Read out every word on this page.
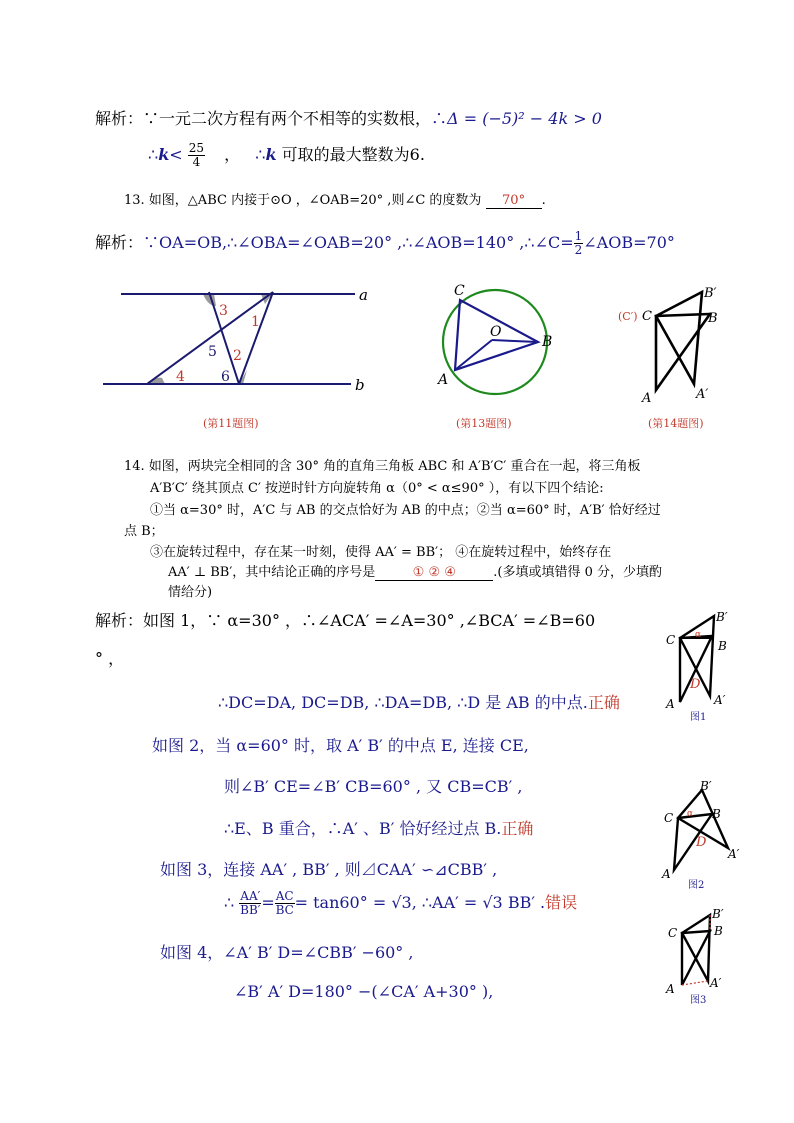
解析：∵一元二次方程有两个不相等的实数根，∴Δ = (−5)² − 4k > 0
∴k< $\frac{25}{4}$ ， ∴k 可取的最大整数为6.
13. 如图，△ABC 内接于⊙O ，∠OAB=20° ,则∠C 的度数为 70° .
解析：∵OA=OB,∴∠OBA=∠OAB=20° ,∴∠AOB=140° ,∴∠C= $\frac{1}{2}$ ∠AOB=70°
a
b
1
2
3
4
5
6
(第11题图)
C
A
B
O
(第13题图)
(C′) C
B′
B
A	A′
(第14题图)
14. 如图，两块完全相同的含 30° 角的直角三角板 ABC 和 A′B′C′ 重合在一起，将三角板
A′B′C′ 绕其顶点 C′ 按逆时针方向旋转角 α（0° < α≤90° ），有以下四个结论:
①当 α=30° 时，A′C 与 AB 的交点恰好为 AB 的中点；②当 α=60° 时，A′B′ 恰好经过
点 B；
③在旋转过程中，存在某一时刻，使得 AA′ = BB′； ④在旋转过程中，始终存在
AA′ ⊥ BB′，其中结论正确的序号是	① ② ④	.(多填或填错得 0 分，少填酌
情给分)
解析：如图 1，∵ α=30° ，∴∠ACA′ =∠A=30° ,∠BCA′ =∠B=60
° ，
∴DC=DA, DC=DB, ∴DA=DB, ∴D 是 AB 的中点.正确
如图 2，当 α=60° 时，取 A′ B′ 的中点 E, 连接 CE,
则∠B′ CE=∠B′ CB=60° , 又 CB=CB′ ,
∴E、B 重合，∴A′ 、B′ 恰好经过点 B.正确
如图 3，连接 AA′ , BB′ , 则⊿CAA′ ∽⊿CBB′ ,
∴ $\frac{AA'}{BB'} = \frac{AC}{BC} = \tan 60^\circ = √3$, ∴AA′ = √3 BB′ .错误
如图 4，∠A′ B′ D=∠CBB′ −60° ,
∠B′ A′ D=180° −(∠CA′ A+30° ),
α
C
B′
B
A	A′
D
图1
α
C
B′
B
A
A′
D
图2
C
B′
B
A	A′
图3
